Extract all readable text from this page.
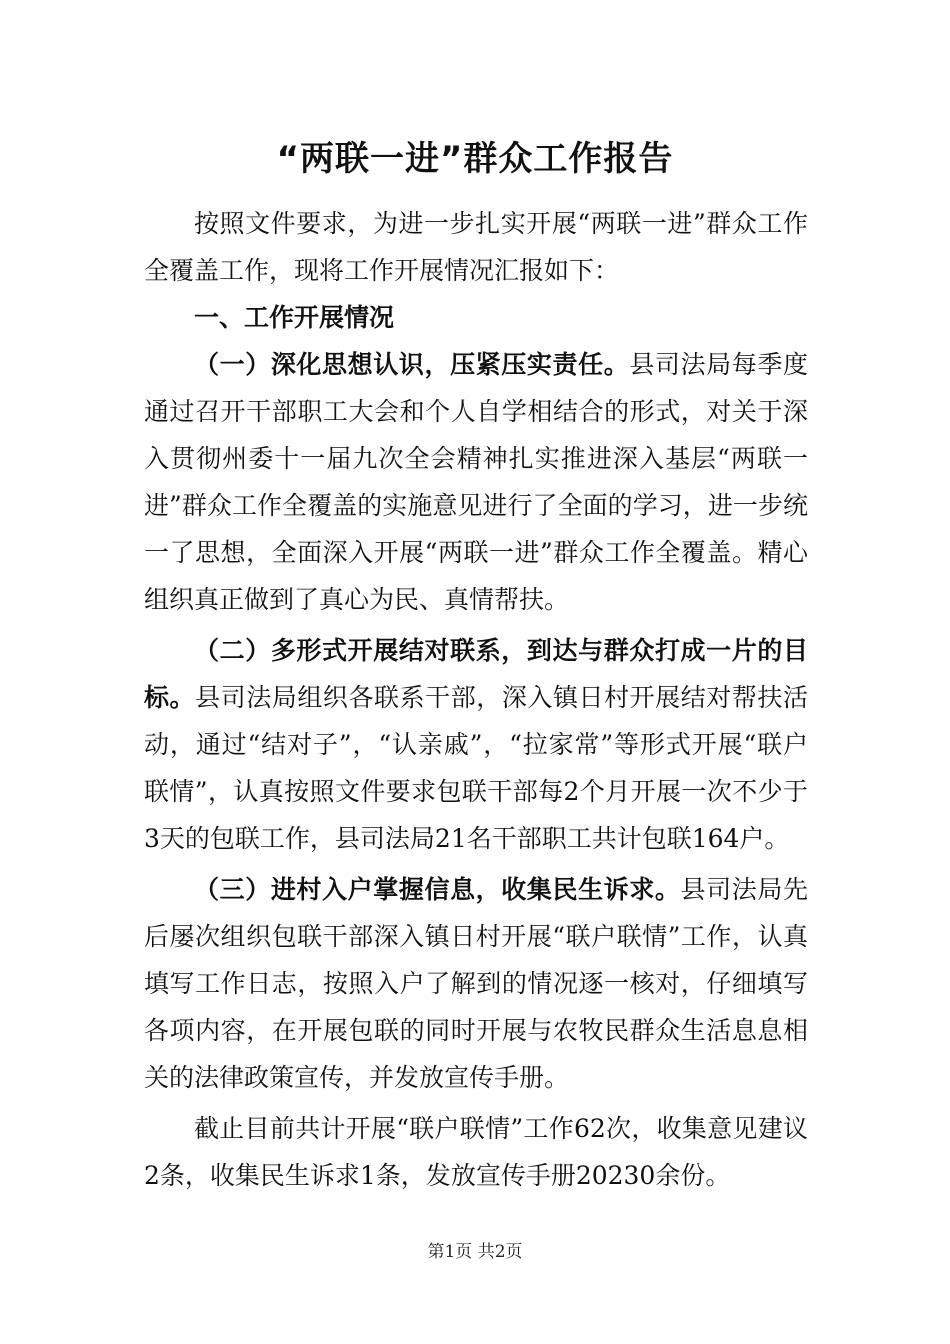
“两联一进”群众工作报告

按照文件要求，为进一步扎实开展“两联一进”群众工作全覆盖工作，现将工作开展情况汇报如下：

一、工作开展情况

（一）深化思想认识，压紧压实责任。县司法局每季度通过召开干部职工大会和个人自学相结合的形式，对关于深入贯彻州委十一届九次全会精神扎实推进深入基层“两联一进”群众工作全覆盖的实施意见进行了全面的学习，进一步统一了思想，全面深入开展“两联一进”群众工作全覆盖。精心组织真正做到了真心为民、真情帮扶。

（二）多形式开展结对联系，到达与群众打成一片的目标。县司法局组织各联系干部，深入镇日村开展结对帮扶活动，通过“结对子”，“认亲戚”，“拉家常”等形式开展“联户联情”，认真按照文件要求包联干部每2个月开展一次不少于3天的包联工作，县司法局21名干部职工共计包联164户。

（三）进村入户掌握信息，收集民生诉求。县司法局先后屡次组织包联干部深入镇日村开展“联户联情”工作，认真填写工作日志，按照入户了解到的情况逐一核对，仔细填写各项内容，在开展包联的同时开展与农牧民群众生活息息相关的法律政策宣传，并发放宣传手册。

截止目前共计开展“联户联情”工作62次，收集意见建议2条，收集民生诉求1条，发放宣传手册20230余份。

第1页 共2页
